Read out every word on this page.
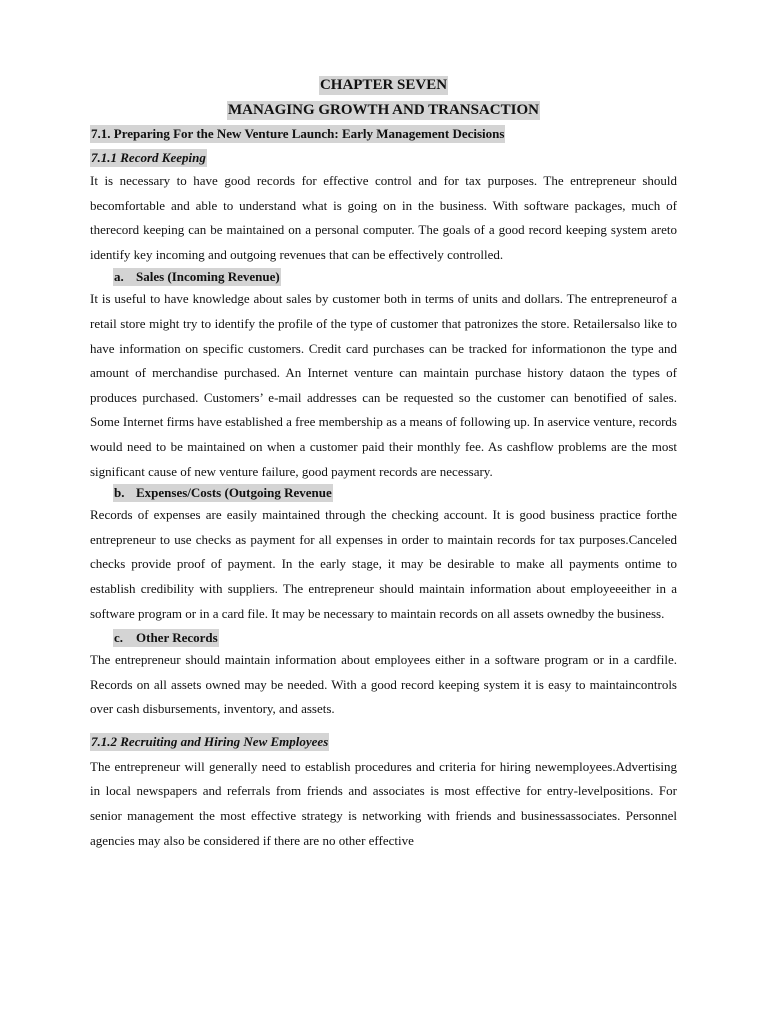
CHAPTER SEVEN
MANAGING GROWTH AND TRANSACTION

7.1. Preparing For the New Venture Launch: Early Management Decisions

7.1.1 Record Keeping

It is necessary to have good records for effective control and for tax purposes. The entrepreneur should becomfortable and able to understand what is going on in the business. With software packages, much of therecord keeping can be maintained on a personal computer. The goals of a good record keeping system areto identify key incoming and outgoing revenues that can be effectively controlled.

a. Sales (Incoming Revenue)

It is useful to have knowledge about sales by customer both in terms of units and dollars. The entrepreneurof a retail store might try to identify the profile of the type of customer that patronizes the store. Retailersalso like to have information on specific customers. Credit card purchases can be tracked for informationon the type and amount of merchandise purchased. An Internet venture can maintain purchase history dataon the types of produces purchased. Customers’ e-mail addresses can be requested so the customer can benotified of sales. Some Internet firms have established a free membership as a means of following up. In aservice venture, records would need to be maintained on when a customer paid their monthly fee. As cashflow problems are the most significant cause of new venture failure, good payment records are necessary.

b. Expenses/Costs (Outgoing Revenue

Records of expenses are easily maintained through the checking account. It is good business practice forthe entrepreneur to use checks as payment for all expenses in order to maintain records for tax purposes.Canceled checks provide proof of payment. In the early stage, it may be desirable to make all payments ontime to establish credibility with suppliers. The entrepreneur should maintain information about employeeeither in a software program or in a card file. It may be necessary to maintain records on all assets ownedby the business.

c. Other Records

The entrepreneur should maintain information about employees either in a software program or in a cardfile. Records on all assets owned may be needed. With a good record keeping system it is easy to maintaincontrols over cash disbursements, inventory, and assets.

7.1.2 Recruiting and Hiring New Employees

The entrepreneur will generally need to establish procedures and criteria for hiring newemployees.Advertising in local newspapers and referrals from friends and associates is most effective for entry-levelpositions. For senior management the most effective strategy is networking with friends and businessassociates. Personnel agencies may also be considered if there are no other effective
